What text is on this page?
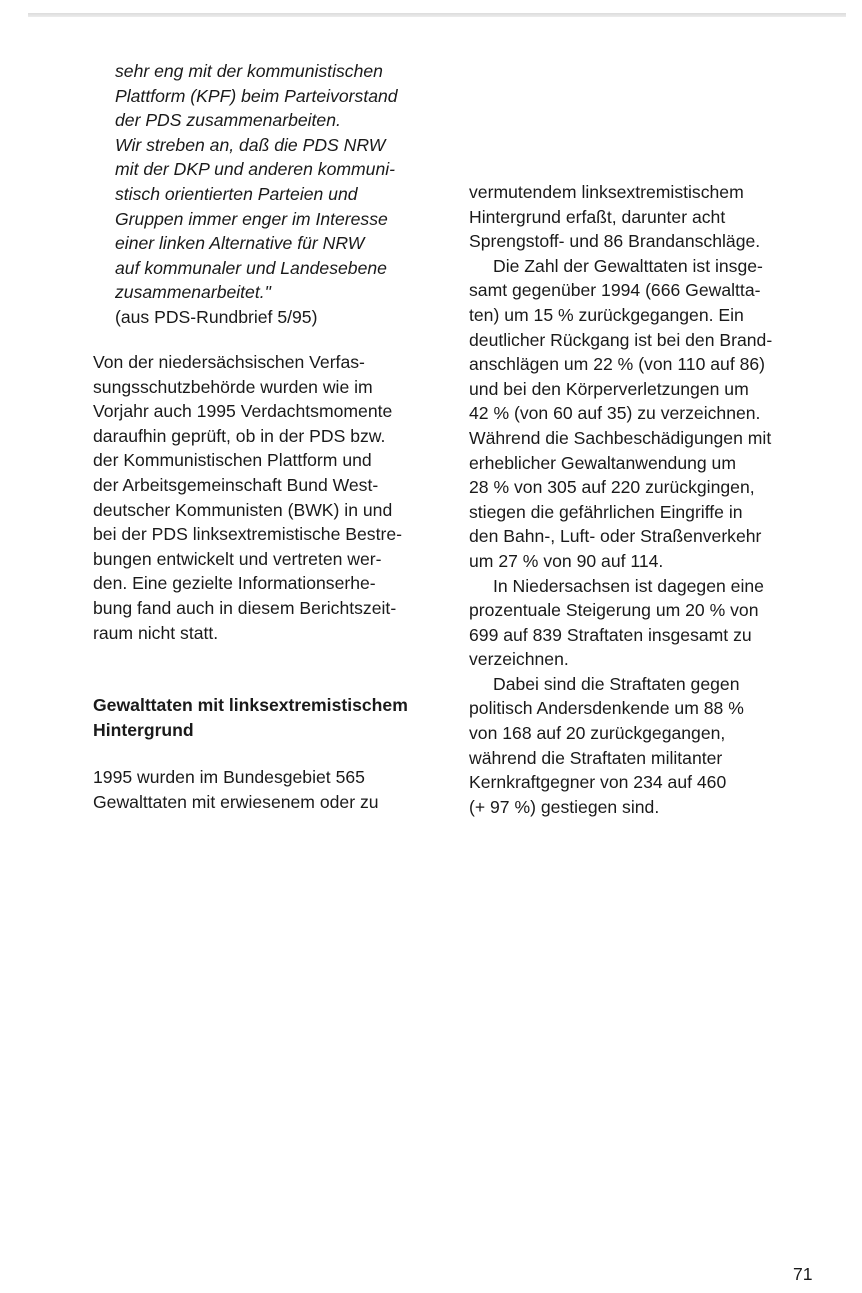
sehr eng mit der kommunistischen

Plattform (KPF) beim Parteivorstand

der PDS zusammenarbeiten.

Wir streben an, daß die PDS NRW

mit der DKP und anderen kommuni-

stisch orientierten Parteien und

Gruppen immer enger im Interesse

einer linken Alternative für NRW

auf kommunaler und Landesebene

zusammenarbeitet."

(aus PDS-Rundbrief 5/95)

Von der niedersächsischen Verfas-

sungsschutzbehörde wurden wie im

Vorjahr auch 1995 Verdachtsmomente

daraufhin geprüft, ob in der PDS bzw.

der Kommunistischen Plattform und

der Arbeitsgemeinschaft Bund West-

deutscher Kommunisten (BWK) in und

bei der PDS linksextremistische Bestre-

bungen entwickelt und vertreten wer-

den. Eine gezielte Informationserhe-

bung fand auch in diesem Berichtszeit-

raum nicht statt.

Gewalttaten mit linksextremistischem

Hintergrund

1995 wurden im Bundesgebiet 565

Gewalttaten mit erwiesenem oder zu

vermutendem linksextremistischem

Hintergrund erfaßt, darunter acht

Sprengstoff- und 86 Brandanschläge.

Die Zahl der Gewalttaten ist insge-

samt gegenüber 1994 (666 Gewaltta-

ten) um 15 % zurückgegangen. Ein

deutlicher Rückgang ist bei den Brand-

anschlägen um 22 % (von 110 auf 86)

und bei den Körperverletzungen um

42 % (von 60 auf 35) zu verzeichnen.

Während die Sachbeschädigungen mit

erheblicher Gewaltanwendung um

28 % von 305 auf 220 zurückgingen,

stiegen die gefährlichen Eingriffe in

den Bahn-, Luft- oder Straßenverkehr

um 27 % von 90 auf 114.

In Niedersachsen ist dagegen eine

prozentuale Steigerung um 20 % von

699 auf 839 Straftaten insgesamt zu

verzeichnen.

Dabei sind die Straftaten gegen

politisch Andersdenkende um 88 %

von 168 auf 20 zurückgegangen,

während die Straftaten militanter

Kernkraftgegner von 234 auf 460

(+ 97 %) gestiegen sind.

71
